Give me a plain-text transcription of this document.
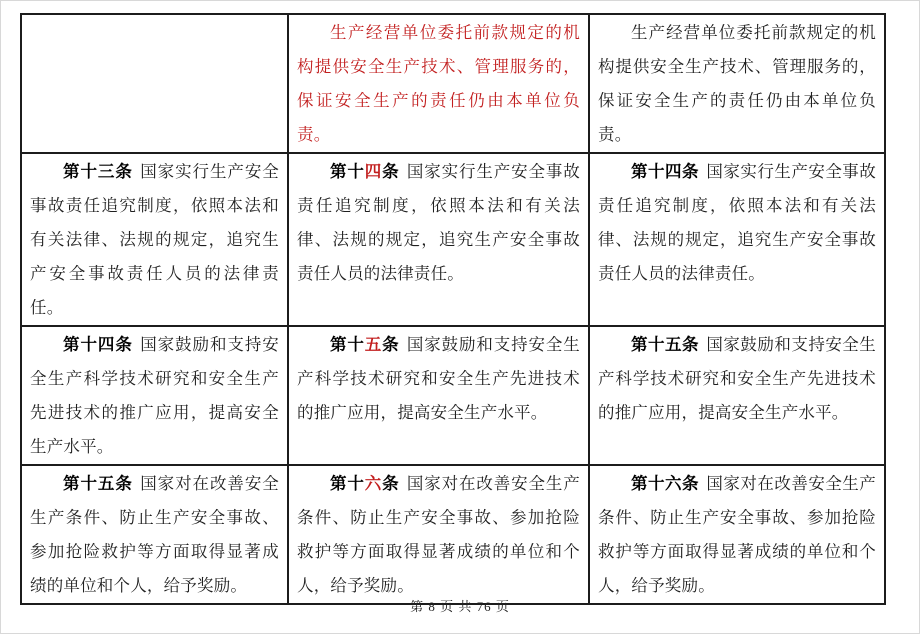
	生产经营单位委托前款规定的机构提供安全生产技术、管理服务的，保证安全生产的责任仍由本单位负责。	生产经营单位委托前款规定的机构提供安全生产技术、管理服务的，保证安全生产的责任仍由本单位负责。

第十三条 国家实行生产安全事故责任追究制度，依照本法和有关法律、法规的规定，追究生产安全事故责任人员的法律责任。	第十四条 国家实行生产安全事故责任追究制度，依照本法和有关法律、法规的规定，追究生产安全事故责任人员的法律责任。	第十四条 国家实行生产安全事故责任追究制度，依照本法和有关法律、法规的规定，追究生产安全事故责任人员的法律责任。

第十四条 国家鼓励和支持安全生产科学技术研究和安全生产先进技术的推广应用，提高安全生产水平。	第十五条 国家鼓励和支持安全生产科学技术研究和安全生产先进技术的推广应用，提高安全生产水平。	第十五条 国家鼓励和支持安全生产科学技术研究和安全生产先进技术的推广应用，提高安全生产水平。

第十五条 国家对在改善安全生产条件、防止生产安全事故、参加抢险救护等方面取得显著成绩的单位和个人，给予奖励。	第十六条 国家对在改善安全生产条件、防止生产安全事故、参加抢险救护等方面取得显著成绩的单位和个人，给予奖励。	第十六条 国家对在改善安全生产条件、防止生产安全事故、参加抢险救护等方面取得显著成绩的单位和个人，给予奖励。

第 8 页 共 76 页
